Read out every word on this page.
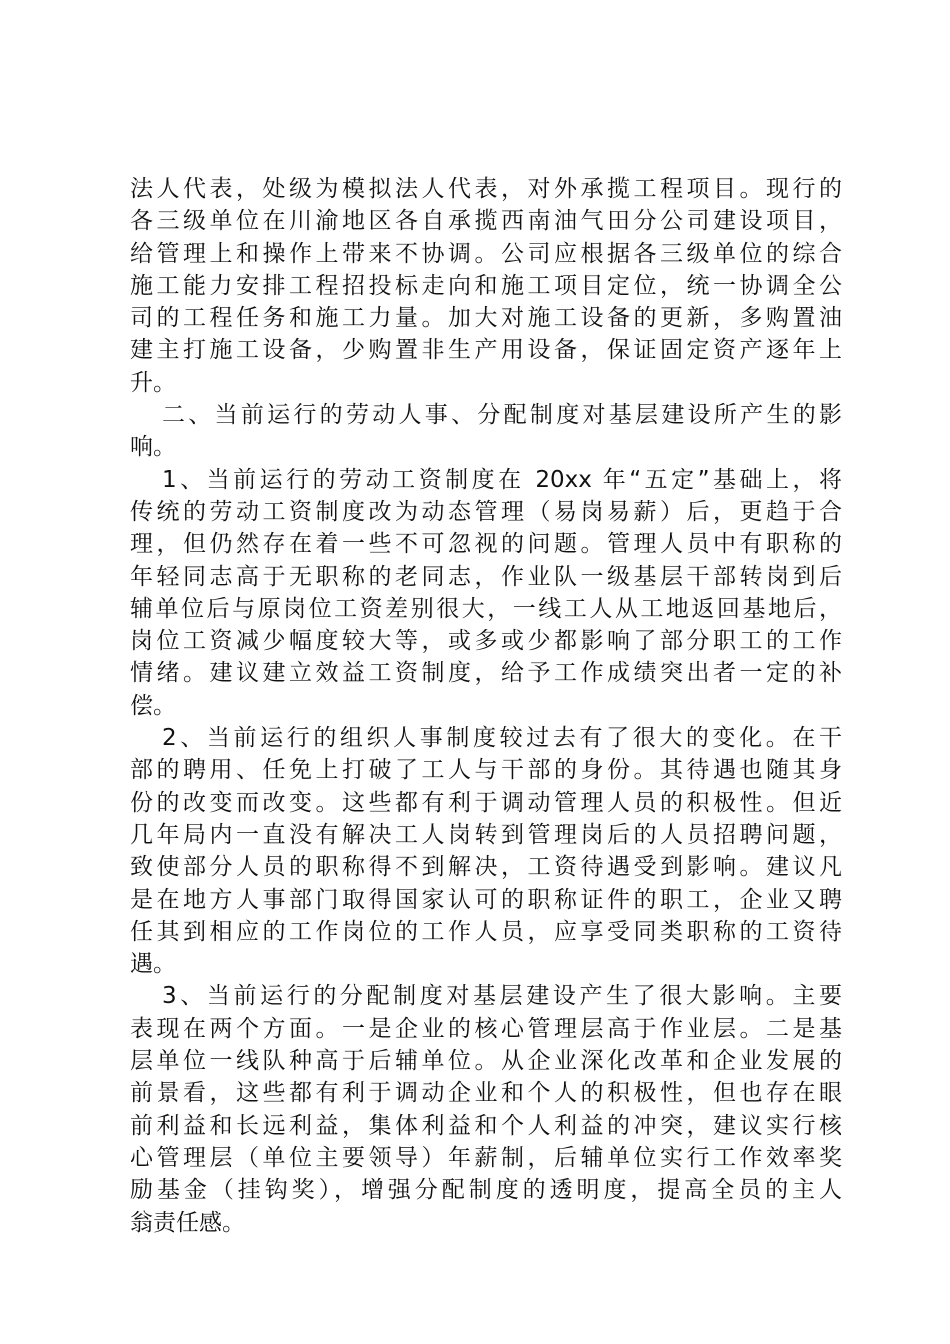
法人代表，处级为模拟法人代表，对外承揽工程项目。现行的
各三级单位在川渝地区各自承揽西南油气田分公司建设项目，
给管理上和操作上带来不协调。公司应根据各三级单位的综合
施工能力安排工程招投标走向和施工项目定位，统一协调全公
司的工程任务和施工力量。加大对施工设备的更新，多购置油
建主打施工设备，少购置非生产用设备，保证固定资产逐年上
升。
二、当前运行的劳动人事、分配制度对基层建设所产生的影
响。
1、当前运行的劳动工资制度在 20xx 年“五定”基础上，将
传统的劳动工资制度改为动态管理（易岗易薪）后，更趋于合
理，但仍然存在着一些不可忽视的问题。管理人员中有职称的
年轻同志高于无职称的老同志，作业队一级基层干部转岗到后
辅单位后与原岗位工资差别很大，一线工人从工地返回基地后，
岗位工资减少幅度较大等，或多或少都影响了部分职工的工作
情绪。建议建立效益工资制度，给予工作成绩突出者一定的补
偿。
2、当前运行的组织人事制度较过去有了很大的变化。在干
部的聘用、任免上打破了工人与干部的身份。其待遇也随其身
份的改变而改变。这些都有利于调动管理人员的积极性。但近
几年局内一直没有解决工人岗转到管理岗后的人员招聘问题，
致使部分人员的职称得不到解决，工资待遇受到影响。建议凡
是在地方人事部门取得国家认可的职称证件的职工，企业又聘
任其到相应的工作岗位的工作人员，应享受同类职称的工资待
遇。
3、当前运行的分配制度对基层建设产生了很大影响。主要
表现在两个方面。一是企业的核心管理层高于作业层。二是基
层单位一线队种高于后辅单位。从企业深化改革和企业发展的
前景看，这些都有利于调动企业和个人的积极性，但也存在眼
前利益和长远利益，集体利益和个人利益的冲突，建议实行核
心管理层（单位主要领导）年薪制，后辅单位实行工作效率奖
励基金（挂钩奖），增强分配制度的透明度，提高全员的主人
翁责任感。
